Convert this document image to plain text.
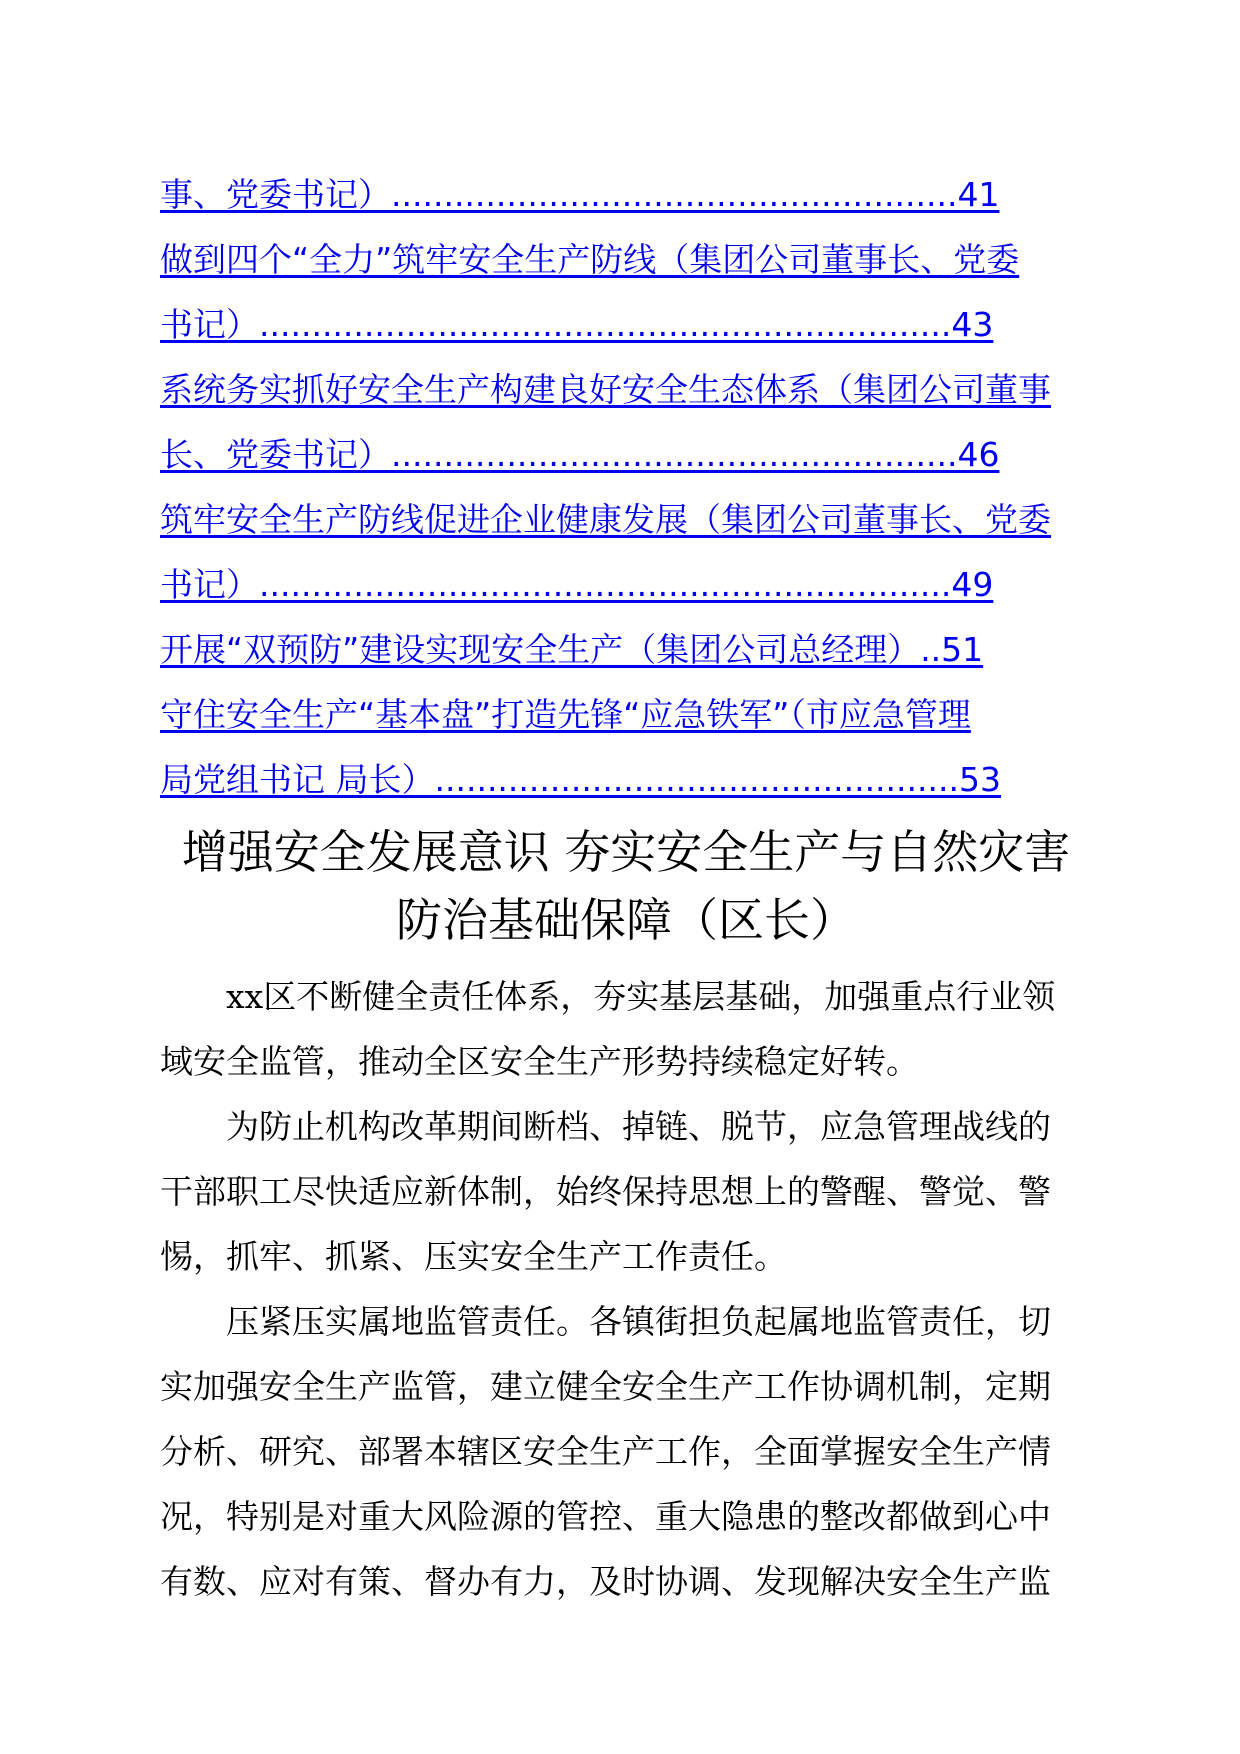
事、党委书记）......................................................41
做到四个“全力”筑牢安全生产防线（集团公司董事长、党委
书记）..................................................................43
系统务实抓好安全生产构建良好安全生态体系（集团公司董事
长、党委书记）......................................................46
筑牢安全生产防线促进企业健康发展（集团公司董事长、党委
书记）..................................................................49
开展“双预防”建设实现安全生产（集团公司总经理）..51
守住安全生产“基本盘”打造先锋“应急铁军”（市应急管理
局党组书记 局长）..................................................53
增强安全发展意识 夯实安全生产与自然灾害
防治基础保障（区长）
xx区不断健全责任体系，夯实基层基础，加强重点行业领
域安全监管，推动全区安全生产形势持续稳定好转。
为防止机构改革期间断档、掉链、脱节，应急管理战线的
干部职工尽快适应新体制，始终保持思想上的警醒、警觉、警
惕，抓牢、抓紧、压实安全生产工作责任。
压紧压实属地监管责任。各镇街担负起属地监管责任，切
实加强安全生产监管，建立健全安全生产工作协调机制，定期
分析、研究、部署本辖区安全生产工作，全面掌握安全生产情
况，特别是对重大风险源的管控、重大隐患的整改都做到心中
有数、应对有策、督办有力，及时协调、发现解决安全生产监
